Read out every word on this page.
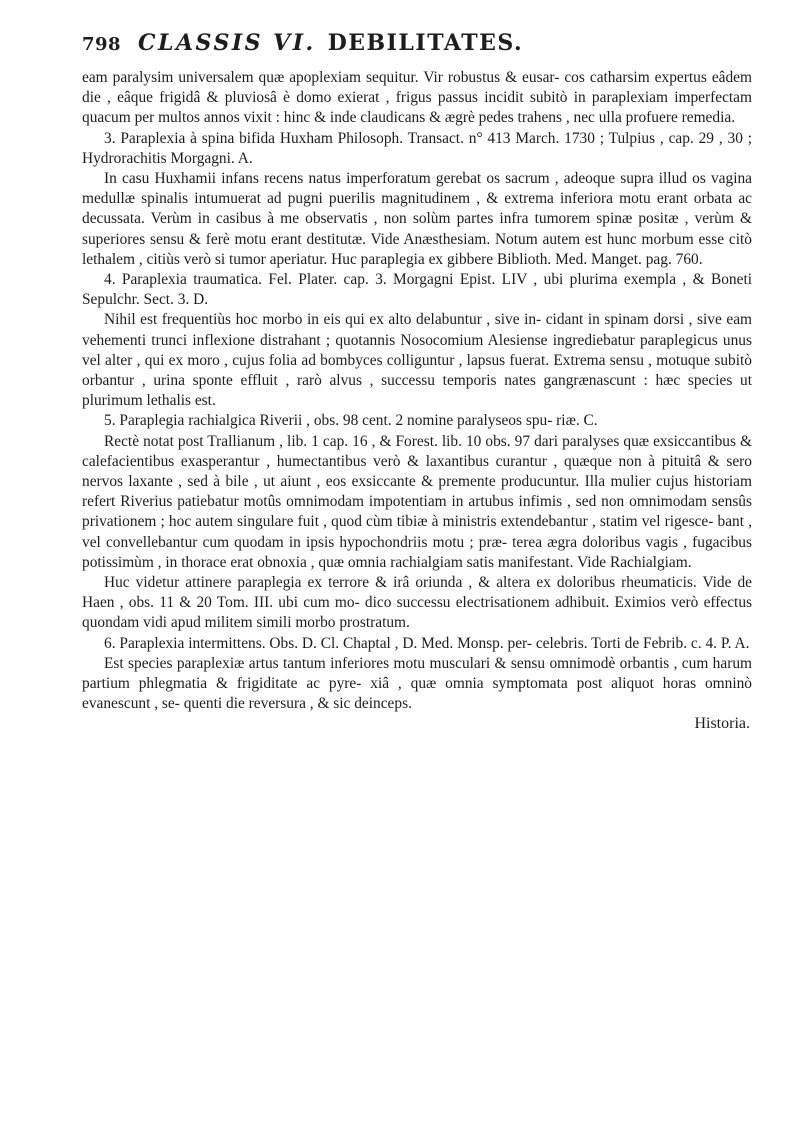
798 CLASSIS VI. DEBILITATES.

eam paralysim universalem quæ apoplexiam sequitur. Vir robustus & eusar- cos catharsim expertus eâdem die , eâque frigidâ & pluviosâ è domo exierat , frigus passus incidit subitò in paraplexiam imperfectam quacum per multos annos vixit : hinc & inde claudicans & ægrè pedes trahens , nec ulla profuere remedia.

3. Paraplexia à spina bifida Huxham Philosoph. Transact. n° 413 March. 1730 ; Tulpius , cap. 29 , 30 ; Hydrorachitis Morgagni. A.

In casu Huxhamii infans recens natus imperforatum gerebat os sacrum , adeoque supra illud os vagina medullæ spinalis intumuerat ad pugni puerilis magnitudinem , & extrema inferiora motu erant orbata ac decussata. Verùm in casibus à me observatis , non solùm partes infra tumorem spinæ positæ , verùm & superiores sensu & ferè motu erant destitutæ. Vide Anæsthesiam. Notum autem est hunc morbum esse citò lethalem , citiùs verò si tumor aperiatur. Huc paraplegia ex gibbere Biblioth. Med. Manget. pag. 760.

4. Paraplexia traumatica. Fel. Plater. cap. 3. Morgagni Epist. LIV , ubi plurima exempla , & Boneti Sepulchr. Sect. 3. D.

Nihil est frequentiùs hoc morbo in eis qui ex alto delabuntur , sive in- cidant in spinam dorsi , sive eam vehementi trunci inflexione distrahant ; quotannis Nosocomium Alesiense ingrediebatur paraplegicus unus vel alter , qui ex moro , cujus folia ad bombyces colliguntur , lapsus fuerat. Extrema sensu , motuque subitò orbantur , urina sponte effluit , rarò alvus , successu temporis nates gangrænascunt : hæc species ut plurimum lethalis est.

5. Paraplegia rachialgica Riverii , obs. 98 cent. 2 nomine paralyseos spu- riæ. C.

Rectè notat post Trallianum , lib. 1 cap. 16 , & Forest. lib. 10 obs. 97 dari paralyses quæ exsiccantibus & calefacientibus exasperantur , humectantibus verò & laxantibus curantur , quæque non à pituitâ & sero nervos laxante , sed à bile , ut aiunt , eos exsiccante & premente producuntur. Illa mulier cujus historiam refert Riverius patiebatur motûs omnimodam impotentiam in artubus infimis , sed non omnimodam sensûs privationem ; hoc autem singulare fuit , quod cùm tibiæ à ministris extendebantur , statim vel rigesce- bant , vel convellebantur cum quodam in ipsis hypochondriis motu ; præ- terea ægra doloribus vagis , fugacibus potissimùm , in thorace erat obnoxia , quæ omnia rachialgiam satis manifestant. Vide Rachialgiam.

Huc videtur attinere paraplegia ex terrore & irâ oriunda , & altera ex doloribus rheumaticis. Vide de Haen , obs. 11 & 20 Tom. III. ubi cum mo- dico successu electrisationem adhibuit. Eximios verò effectus quondam vidi apud militem simili morbo prostratum.

6. Paraplexia intermittens. Obs. D. Cl. Chaptal , D. Med. Monsp. per- celebris. Torti de Febrib. c. 4. P. A.

Est species paraplexiæ artus tantum inferiores motu musculari & sensu omnimodè orbantis , cum harum partium phlegmatia & frigiditate ac pyre- xiâ , quæ omnia symptomata post aliquot horas omninò evanescunt , se- quenti die reversura , & sic deinceps.

Historia.
